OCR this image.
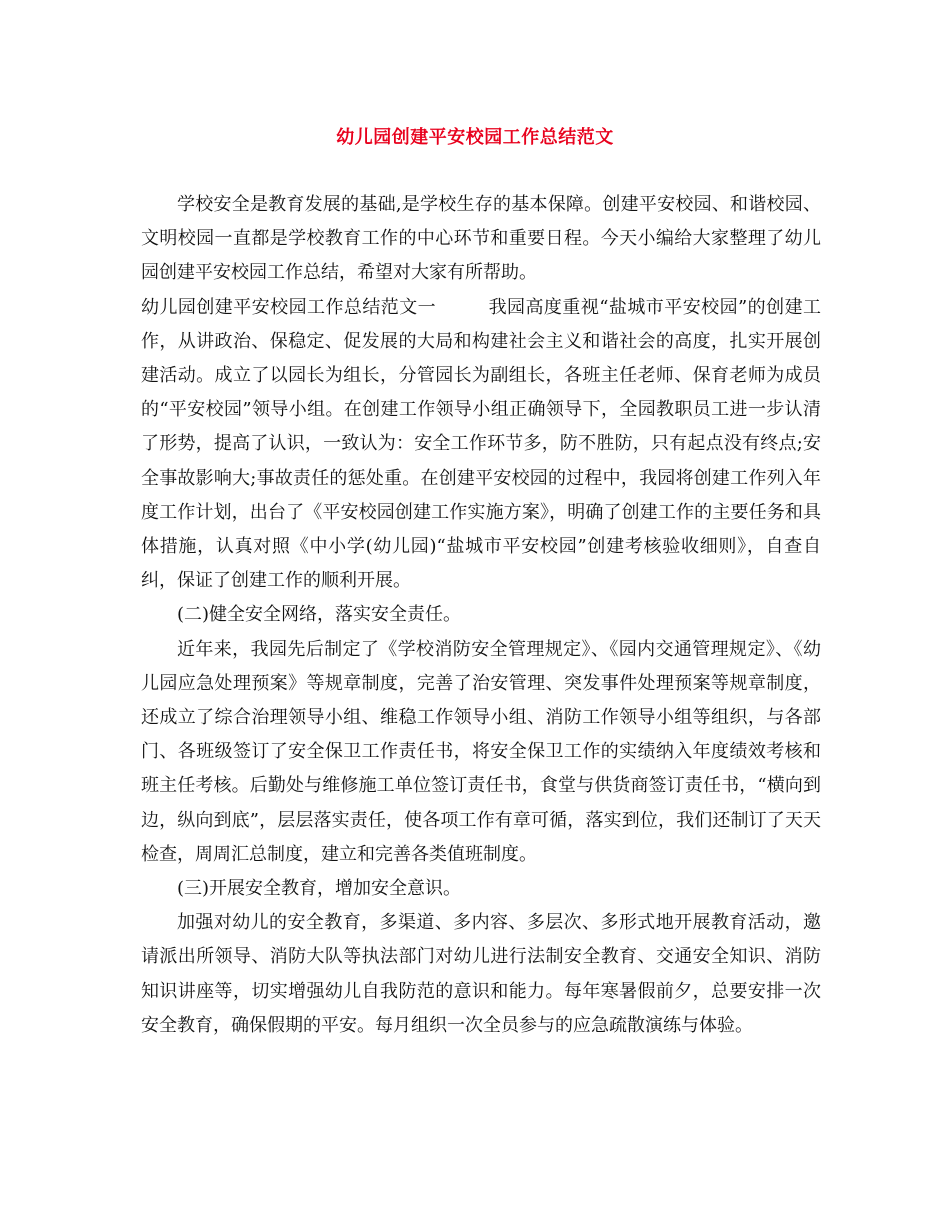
幼儿园创建平安校园工作总结范文

学校安全是教育发展的基础,是学校生存的基本保障。创建平安校园、和谐校园、文明校园一直都是学校教育工作的中心环节和重要日程。今天小编给大家整理了幼儿园创建平安校园工作总结，希望对大家有所帮助。

幼儿园创建平安校园工作总结范文一	我园高度重视“盐城市平安校园”的创建工作，从讲政治、保稳定、促发展的大局和构建社会主义和谐社会的高度，扎实开展创建活动。成立了以园长为组长，分管园长为副组长，各班主任老师、保育老师为成员的“平安校园”领导小组。在创建工作领导小组正确领导下，全园教职员工进一步认清了形势，提高了认识，一致认为：安全工作环节多，防不胜防，只有起点没有终点;安全事故影响大;事故责任的惩处重。在创建平安校园的过程中，我园将创建工作列入年度工作计划，出台了《平安校园创建工作实施方案》，明确了创建工作的主要任务和具体措施，认真对照《中小学(幼儿园)“盐城市平安校园”创建考核验收细则》，自查自纠，保证了创建工作的顺利开展。

(二)健全安全网络，落实安全责任。

近年来，我园先后制定了《学校消防安全管理规定》、《园内交通管理规定》、《幼儿园应急处理预案》等规章制度，完善了治安管理、突发事件处理预案等规章制度，还成立了综合治理领导小组、维稳工作领导小组、消防工作领导小组等组织，与各部门、各班级签订了安全保卫工作责任书，将安全保卫工作的实绩纳入年度绩效考核和班主任考核。后勤处与维修施工单位签订责任书，食堂与供货商签订责任书，“横向到边，纵向到底”，层层落实责任，使各项工作有章可循，落实到位，我们还制订了天天检查，周周汇总制度，建立和完善各类值班制度。

(三)开展安全教育，增加安全意识。

加强对幼儿的安全教育，多渠道、多内容、多层次、多形式地开展教育活动，邀请派出所领导、消防大队等执法部门对幼儿进行法制安全教育、交通安全知识、消防知识讲座等，切实增强幼儿自我防范的意识和能力。每年寒暑假前夕，总要安排一次安全教育，确保假期的平安。每月组织一次全员参与的应急疏散演练与体验。
